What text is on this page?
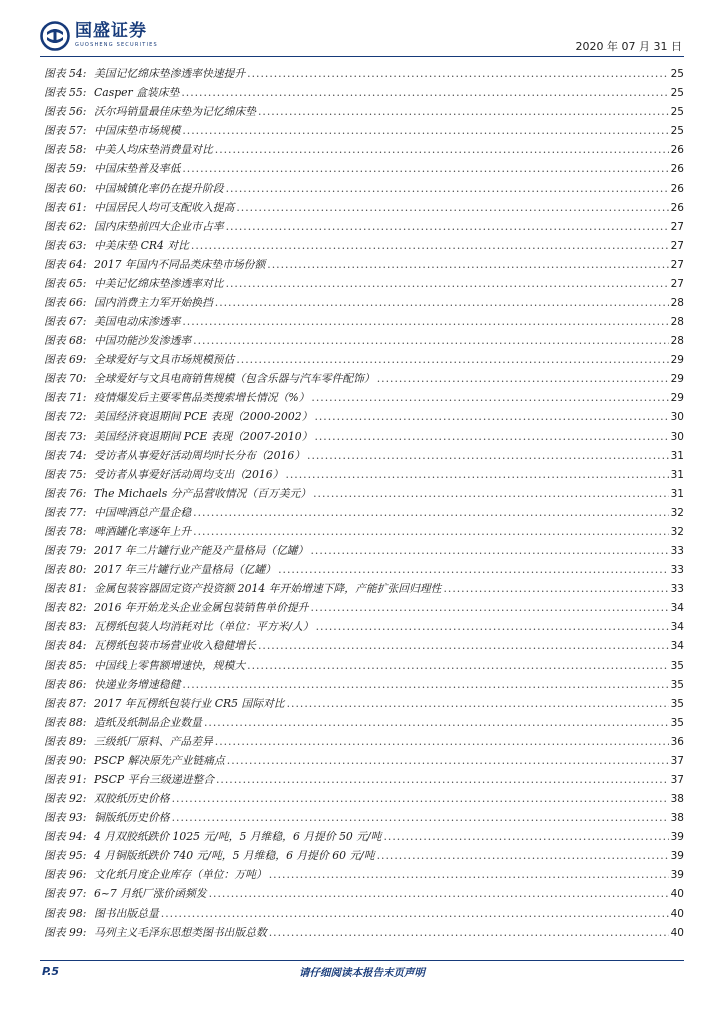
国盛证券
GUOSHENG SECURITIES	2020 年 07 月 31 日
图表 54: 美国记忆绵床垫渗透率快速提升 .....	25
图表 55: Casper 盒装床垫 .....	25
图表 56: 沃尔玛销量最佳床垫为记忆绵床垫 .....	25
图表 57: 中国床垫市场规模 .....	25
图表 58: 中美人均床垫消费量对比 .....	26
图表 59: 中国床垫普及率低 .....	26
图表 60: 中国城镇化率仍在提升阶段 .....	26
图表 61: 中国居民人均可支配收入提高 .....	26
图表 62: 国内床垫前四大企业市占率 .....	27
图表 63: 中美床垫 CR4 对比 .....	27
图表 64: 2017 年国内不同品类床垫市场份额 .....	27
图表 65: 中美记忆绵床垫渗透率对比 .....	27
图表 66: 国内消费主力军开始换挡 .....	28
图表 67: 美国电动床渗透率 .....	28
图表 68: 中国功能沙发渗透率 .....	28
图表 69: 全球爱好与文具市场规模预估 .....	29
图表 70: 全球爱好与文具电商销售规模（包含乐器与汽车零件配饰） .....	29
图表 71: 疫情爆发后主要零售品类搜索增长情况（%） .....	29
图表 72: 美国经济衰退期间 PCE 表现（2000-2002） .....	30
图表 73: 美国经济衰退期间 PCE 表现（2007-2010） .....	30
图表 74: 受访者从事爱好活动周均时长分布（2016） .....	31
图表 75: 受访者从事爱好活动周均支出（2016） .....	31
图表 76: The Michaels 分产品营收情况（百万美元） .....	31
图表 77: 中国啤酒总产量企稳 .....	32
图表 78: 啤酒罐化率逐年上升 .....	32
图表 79: 2017 年二片罐行业产能及产量格局（亿罐） .....	33
图表 80: 2017 年三片罐行业产量格局（亿罐） .....	33
图表 81: 金属包装容器固定资产投资额 2014 年开始增速下降，产能扩张回归理性 .....	33
图表 82: 2016 年开始龙头企业金属包装销售单价提升 .....	34
图表 83: 瓦楞纸包装人均消耗对比（单位：平方米/人） .....	34
图表 84: 瓦楞纸包装市场营业收入稳健增长 .....	34
图表 85: 中国线上零售额增速快，规模大 .....	35
图表 86: 快递业务增速稳健 .....	35
图表 87: 2017 年瓦楞纸包装行业 CR5 国际对比 .....	35
图表 88: 造纸及纸制品企业数量 .....	35
图表 89: 三级纸厂原料、产品差异 .....	36
图表 90: PSCP 解决原先产业链痛点 .....	37
图表 91: PSCP 平台三级递进整合 .....	37
图表 92: 双胶纸历史价格 .....	38
图表 93: 铜版纸历史价格 .....	38
图表 94: 4 月双胶纸跌价 1025 元/吨，5 月维稳，6 月提价 50 元/吨 .....	39
图表 95: 4 月铜版纸跌价 740 元/吨，5 月维稳，6 月提价 60 元/吨 .....	39
图表 96: 文化纸月度企业库存（单位：万吨） .....	39
图表 97: 6~7 月纸厂涨价函频发 .....	40
图表 98: 图书出版总量 .....	40
图表 99: 马列主义毛泽东思想类图书出版总数 .....	40
请仔细阅读本报告末页声明
P.5
